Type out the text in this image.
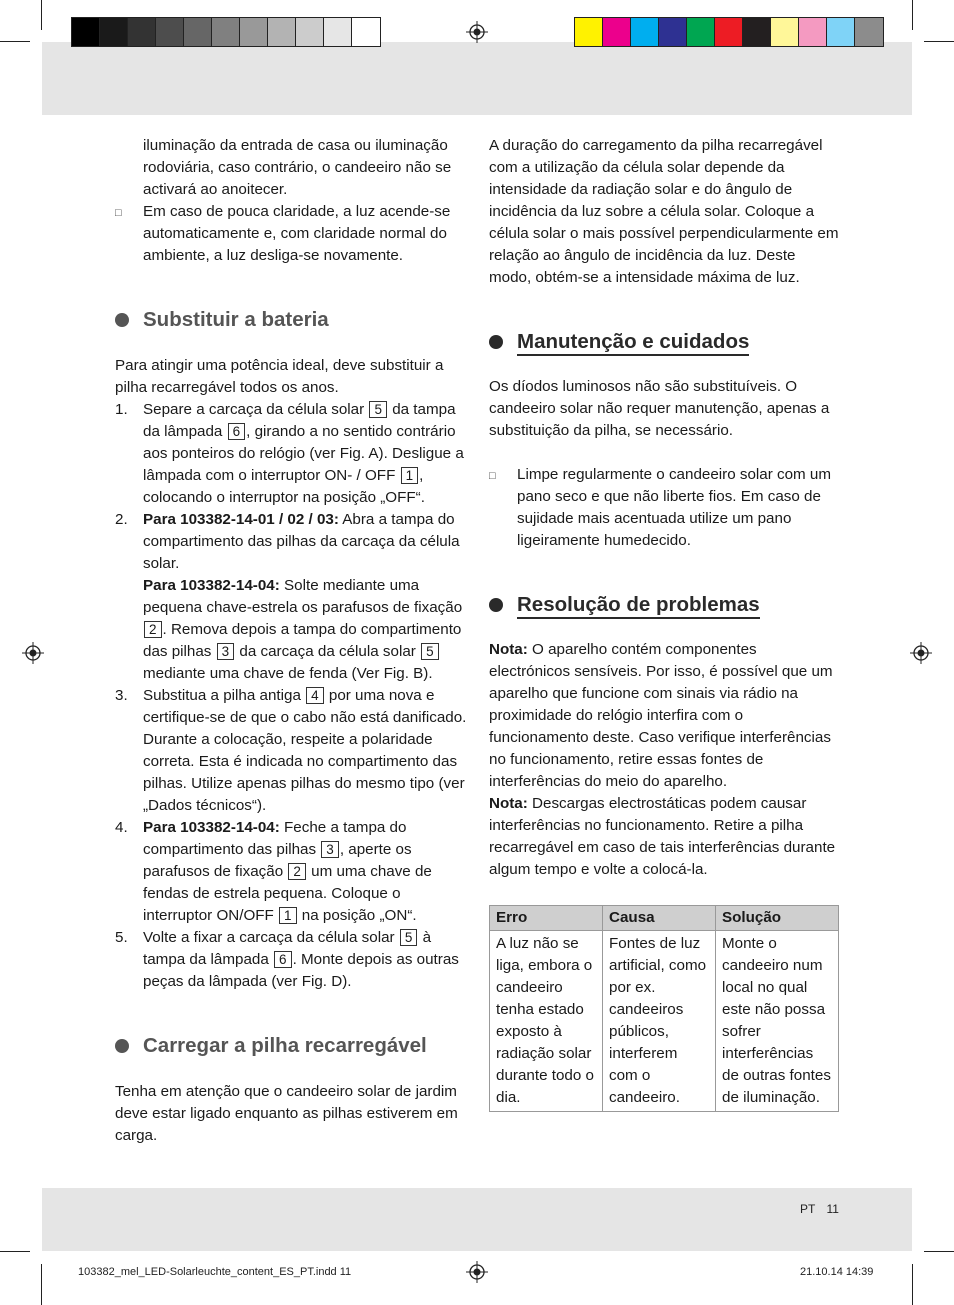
iluminação da entrada de casa ou iluminação rodoviária, caso contrário, o candeeiro não se activará ao anoitecer.

□ Em caso de pouca claridade, a luz acende-se automaticamente e, com claridade normal do ambiente, a luz desliga-se novamente.

Substituir a bateria

Para atingir uma potência ideal, deve substituir a pilha recarregável todos os anos.

1. Separe a carcaça da célula solar 5 da tampa da lâmpada 6 , girando a no sentido contrário aos ponteiros do relógio (ver Fig. A). Desligue a lâmpada com o interruptor ON- / OFF 1 , colocando o interruptor na posição „OFF“.

2. Para 103382-14-01 / 02 / 03: Abra a tampa do compartimento das pilhas da carcaça da célula solar.
Para 103382-14-04: Solte mediante uma pequena chave-estrela os parafusos de fixação 2 . Remova depois a tampa do compartimento das pilhas 3 da carcaça da célula solar 5 mediante uma chave de fenda (Ver Fig. B).

3. Substitua a pilha antiga 4 por uma nova e certifique-se de que o cabo não está danificado. Durante a colocação, respeite a polaridade correta. Esta é indicada no compartimento das pilhas. Utilize apenas pilhas do mesmo tipo (ver „Dados técnicos“).

4. Para 103382-14-04: Feche a tampa do compartimento das pilhas 3 , aperte os parafusos de fixação 2 um uma chave de fendas de estrela pequena. Coloque o interruptor ON/OFF 1 na posição „ON“.

5. Volte a fixar a carcaça da célula solar 5 à tampa da lâmpada 6 . Monte depois as outras peças da lâmpada (ver Fig. D).

Carregar a pilha recarregável

Tenha em atenção que o candeeiro solar de jardim deve estar ligado enquanto as pilhas estiverem em carga.

A duração do carregamento da pilha recarregável com a utilização da célula solar depende da intensidade da radiação solar e do ângulo de incidência da luz sobre a célula solar. Coloque a célula solar o mais possível perpendicularmente em relação ao ângulo de incidência da luz. Deste modo, obtém-se a intensidade máxima de luz.

Manutenção e cuidados

Os díodos luminosos não são substituíveis. O candeeiro solar não requer manutenção, apenas a substituição da pilha, se necessário.

□ Limpe regularmente o candeeiro solar com um pano seco e que não liberte fios. Em caso de sujidade mais acentuada utilize um pano ligeiramente humedecido.

Resolução de problemas

Nota: O aparelho contém componentes electrónicos sensíveis. Por isso, é possível que um aparelho que funcione com sinais via rádio na proximidade do relógio interfira com o funcionamento deste. Caso verifique interferências no funcionamento, retire essas fontes de interferências do meio do aparelho.

Nota: Descargas electrostáticas podem causar interferências no funcionamento. Retire a pilha recarregável em caso de tais interferências durante algum tempo e volte a colocá-la.

Erro	Causa	Solução
A luz não se liga, embora o candeeiro tenha estado exposto à radiação solar durante todo o dia.	Fontes de luz artificial, como por ex. candeeiros públicos, interferem com o candeeiro.	Monte o candeeiro num local no qual este não possa sofrer interferências de outras fontes de iluminação.
PT 11
103382_mel_LED-Solarleuchte_content_ES_PT.indd 11	21.10.14 14:39
